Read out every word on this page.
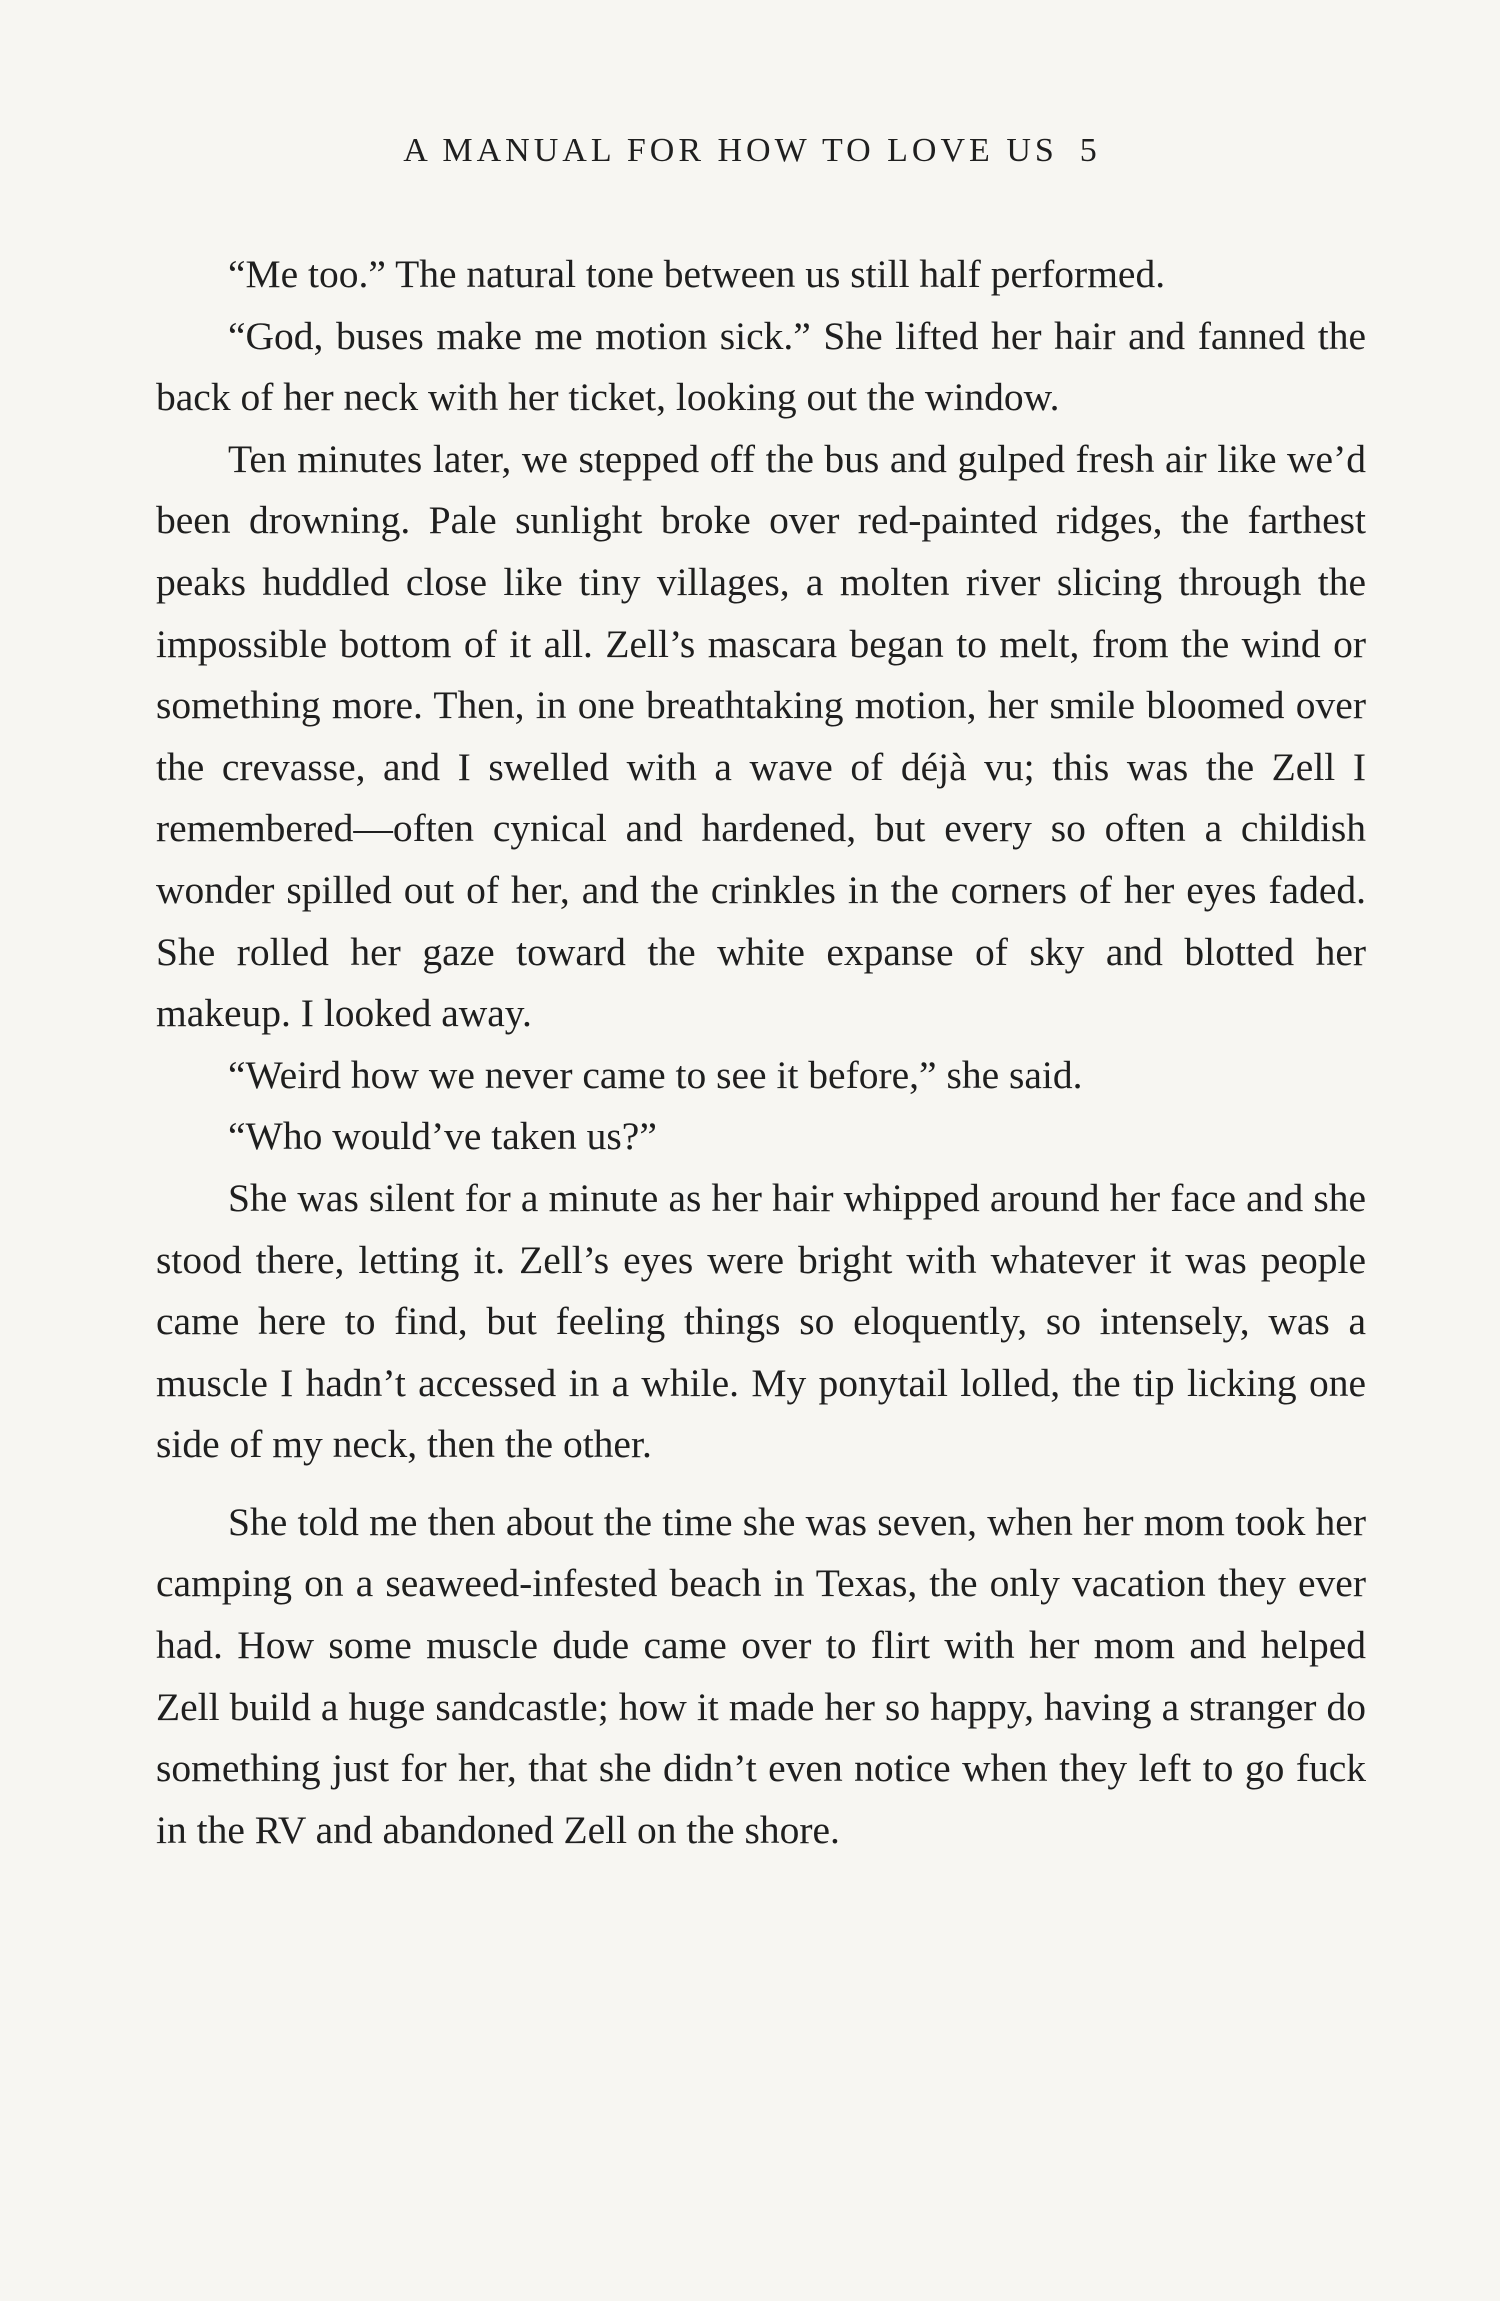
A MANUAL FOR HOW TO LOVE US 5

“Me too.” The natural tone between us still half performed.

“God, buses make me motion sick.” She lifted her hair and fanned the back of her neck with her ticket, looking out the window.

Ten minutes later, we stepped off the bus and gulped fresh air like we’d been drowning. Pale sunlight broke over red-painted ridges, the farthest peaks huddled close like tiny villages, a molten river slicing through the impossible bottom of it all. Zell’s mascara began to melt, from the wind or something more. Then, in one breathtaking motion, her smile bloomed over the crevasse, and I swelled with a wave of déjà vu; this was the Zell I remembered—often cynical and hardened, but every so often a childish wonder spilled out of her, and the crinkles in the corners of her eyes faded. She rolled her gaze toward the white expanse of sky and blotted her makeup. I looked away.

“Weird how we never came to see it before,” she said.

“Who would’ve taken us?”

She was silent for a minute as her hair whipped around her face and she stood there, letting it. Zell’s eyes were bright with whatever it was people came here to find, but feeling things so eloquently, so intensely, was a muscle I hadn’t accessed in a while. My ponytail lolled, the tip licking one side of my neck, then the other.

She told me then about the time she was seven, when her mom took her camping on a seaweed-infested beach in Texas, the only vacation they ever had. How some muscle dude came over to flirt with her mom and helped Zell build a huge sandcastle; how it made her so happy, having a stranger do something just for her, that she didn’t even notice when they left to go fuck in the RV and abandoned Zell on the shore.
